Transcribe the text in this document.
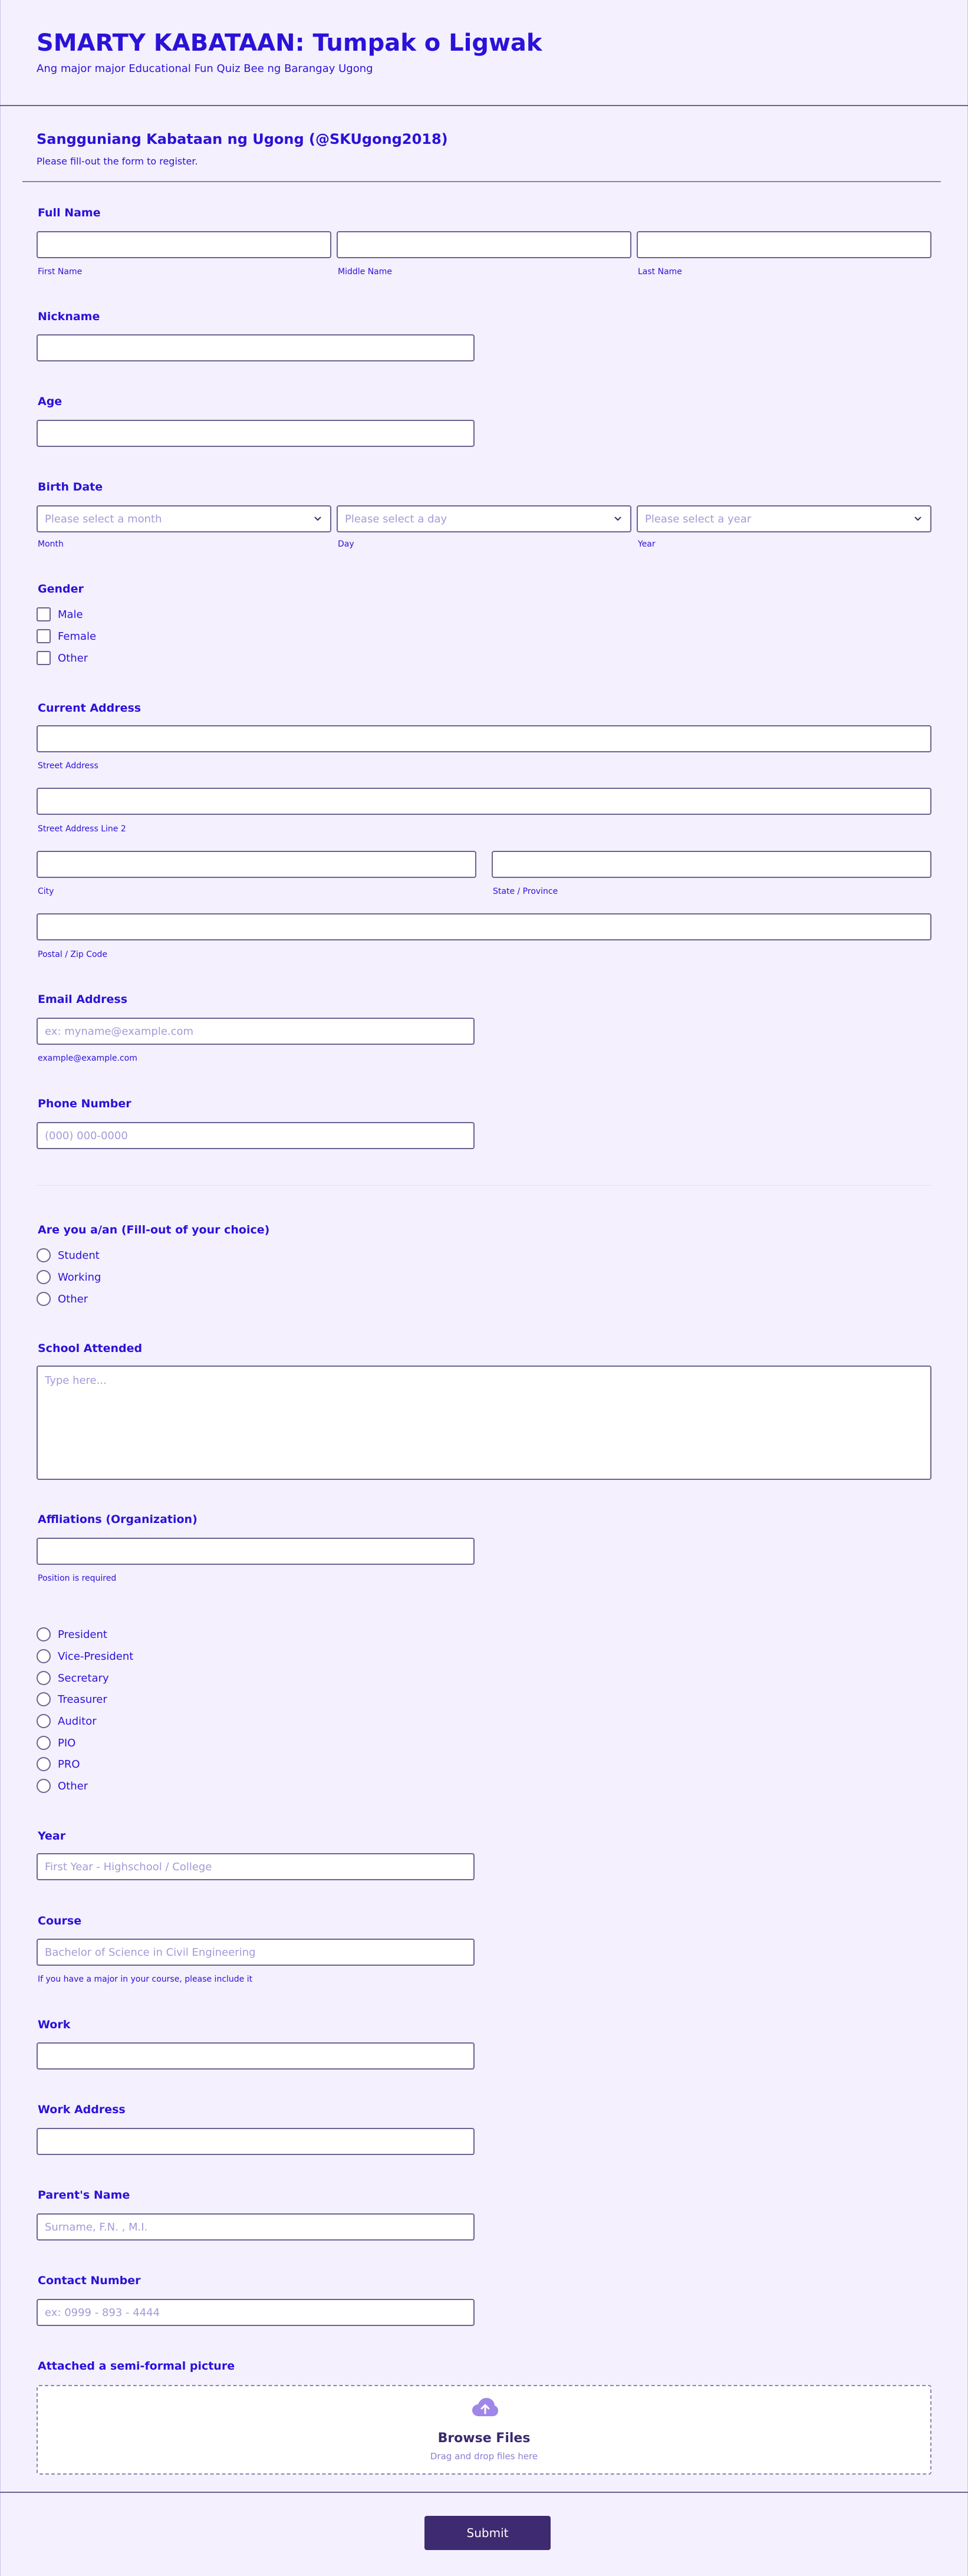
SMARTY KABATAAN: Tumpak o Ligwak
Ang major major Educational Fun Quiz Bee ng Barangay Ugong
Sangguniang Kabataan ng Ugong (@SKUgong2018)
Please fill-out the form to register.
Full Name
First Name	Middle Name	Last Name
Nickname
Age
Birth Date
Please select a month	Please select a day	Please select a year
Month	Day	Year
Gender
Male
Female
Other
Current Address
Street Address
Street Address Line 2
City	State / Province
Postal / Zip Code
Email Address
ex: myname@example.com
example@example.com
Phone Number
(000) 000-0000
Are you a/an (Fill-out of your choice)
Student
Working
Other
School Attended
Type here...
Affliations (Organization)
Position is required
President
Vice-President
Secretary
Treasurer
Auditor
PIO
PRO
Other
Year
First Year - Highschool / College
Course
Bachelor of Science in Civil Engineering
If you have a major in your course, please include it
Work
Work Address
Parent's Name
Surname, F.N. , M.I.
Contact Number
ex: 0999 - 893 - 4444
Attached a semi-formal picture
Browse Files
Drag and drop files here
Submit
